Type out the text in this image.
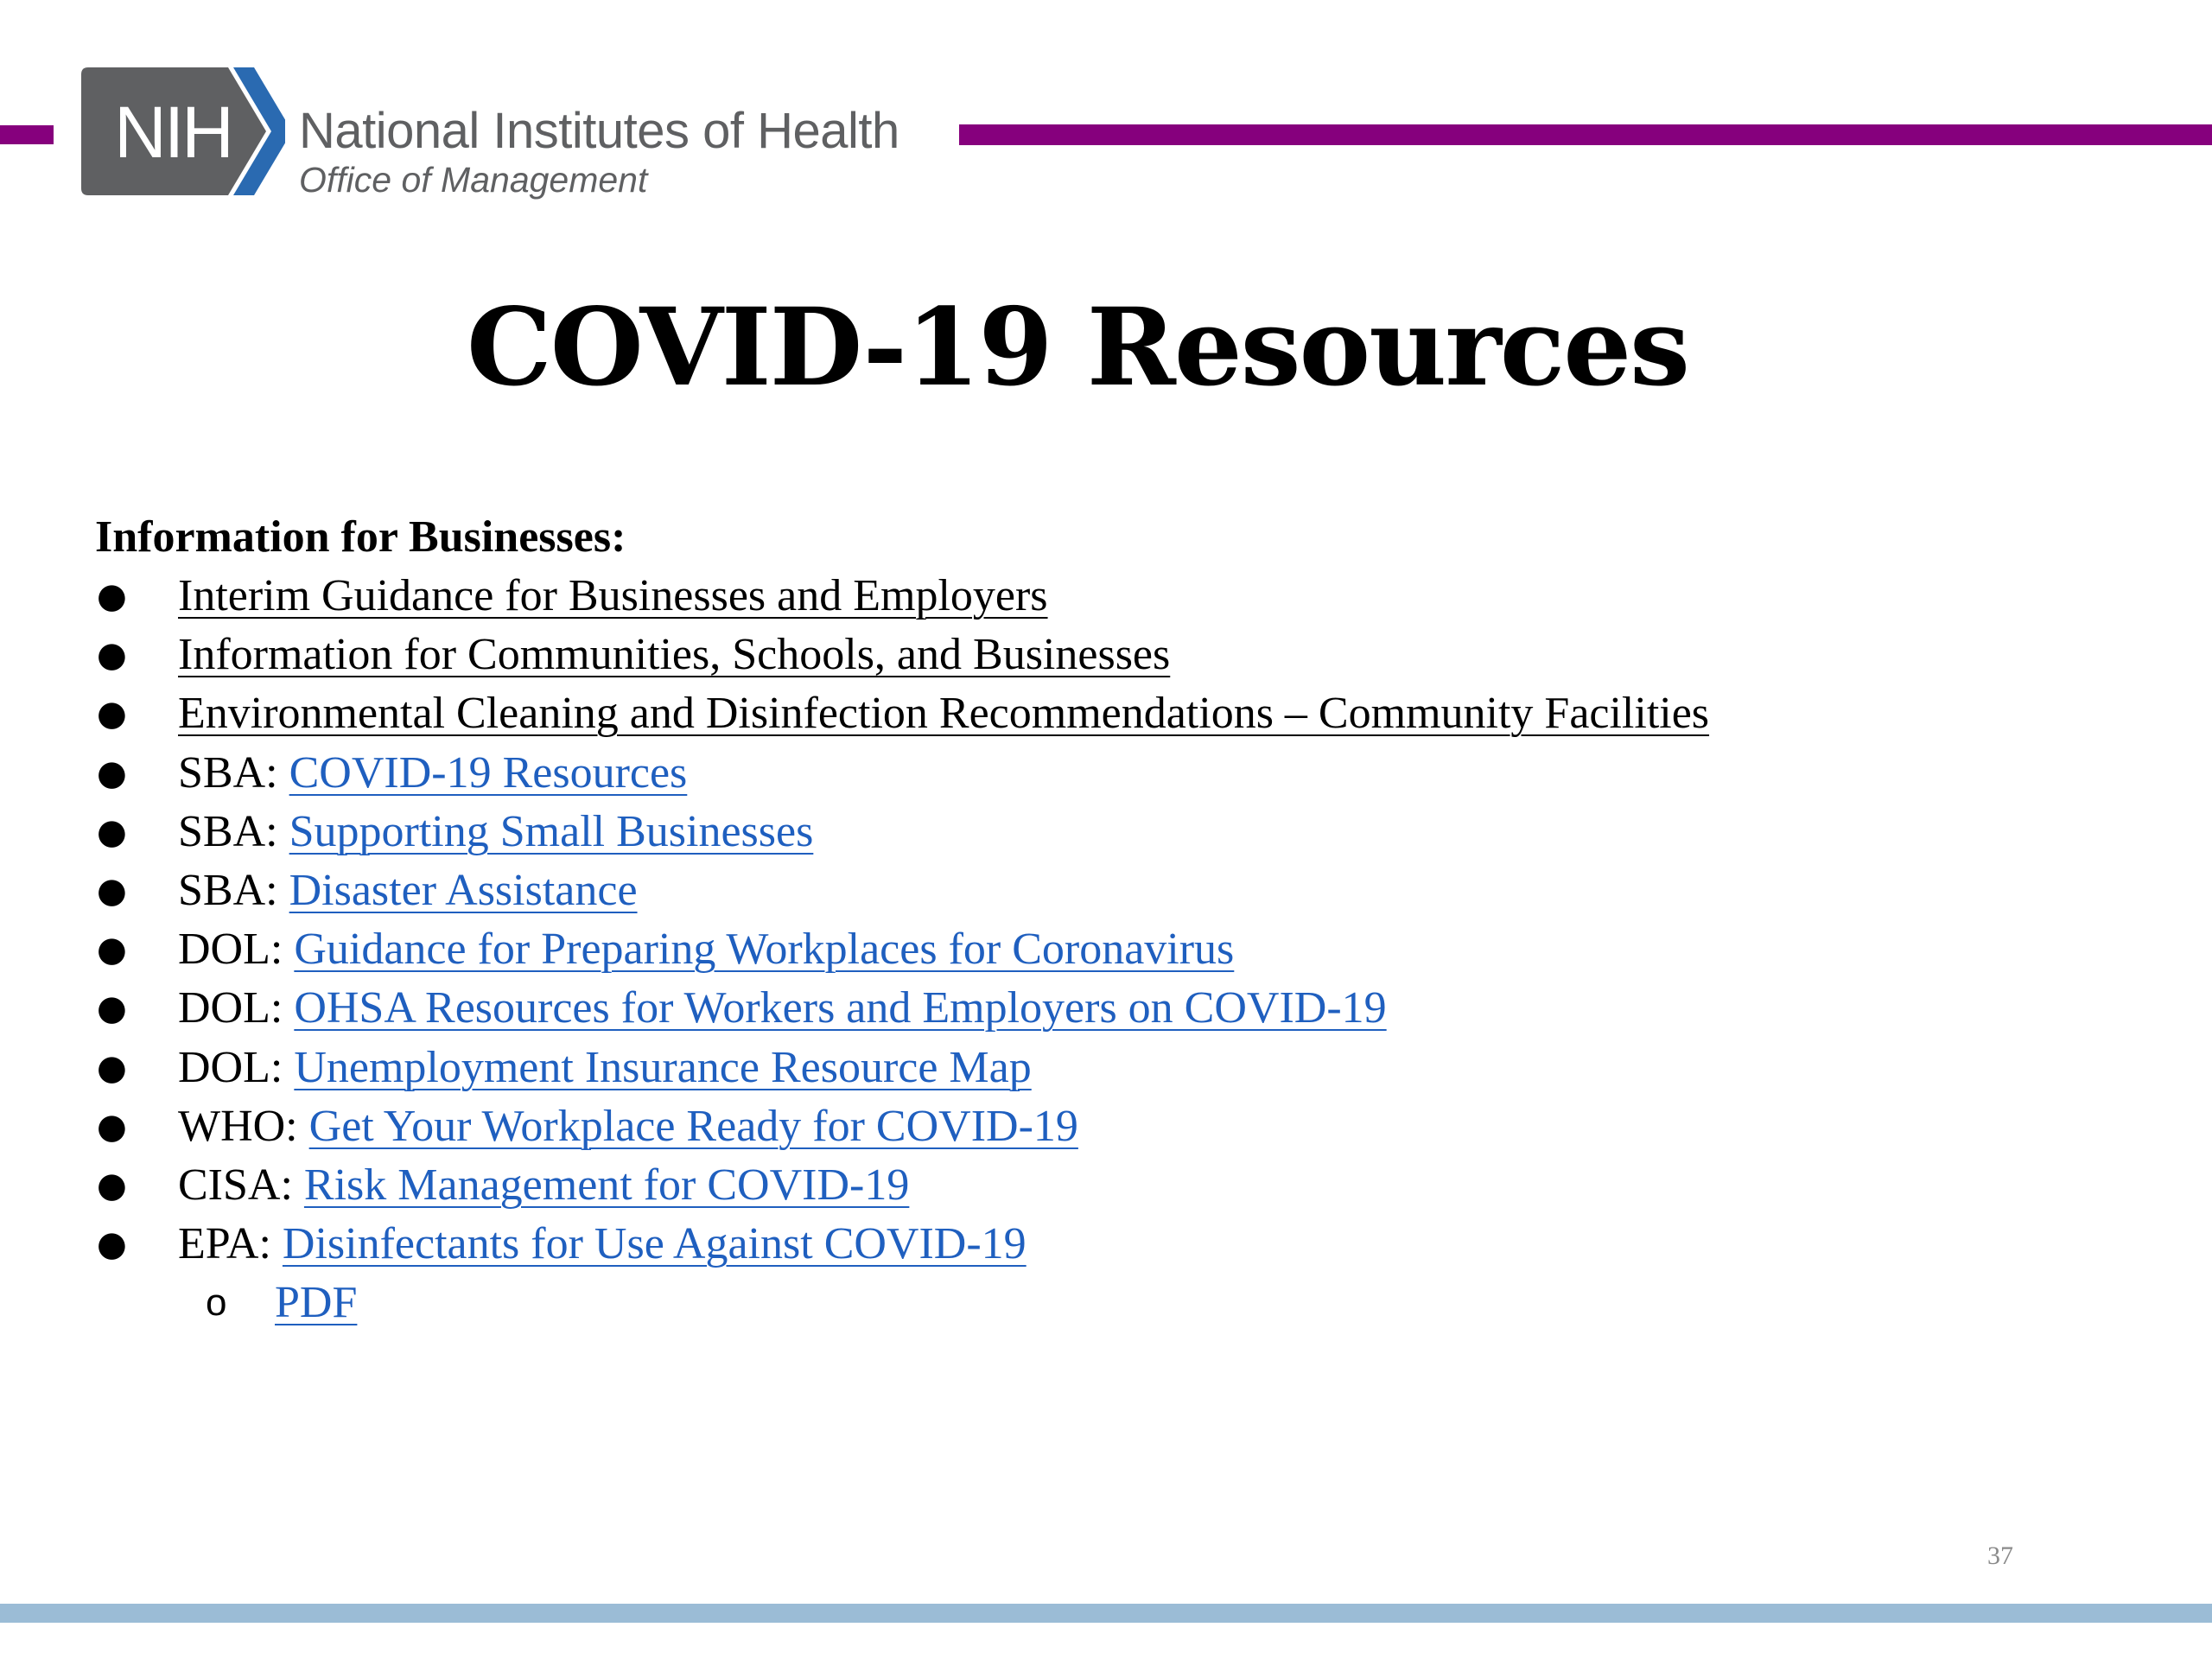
NIH National Institutes of Health
Office of Management
COVID-19 Resources
Information for Businesses:
● Interim Guidance for Businesses and Employers
● Information for Communities, Schools, and Businesses
● Environmental Cleaning and Disinfection Recommendations – Community Facilities
● SBA: COVID-19 Resources
● SBA: Supporting Small Businesses
● SBA: Disaster Assistance
● DOL: Guidance for Preparing Workplaces for Coronavirus
● DOL: OHSA Resources for Workers and Employers on COVID-19
● DOL: Unemployment Insurance Resource Map
● WHO: Get Your Workplace Ready for COVID-19
● CISA: Risk Management for COVID-19
● EPA: Disinfectants for Use Against COVID-19
o PDF
37
